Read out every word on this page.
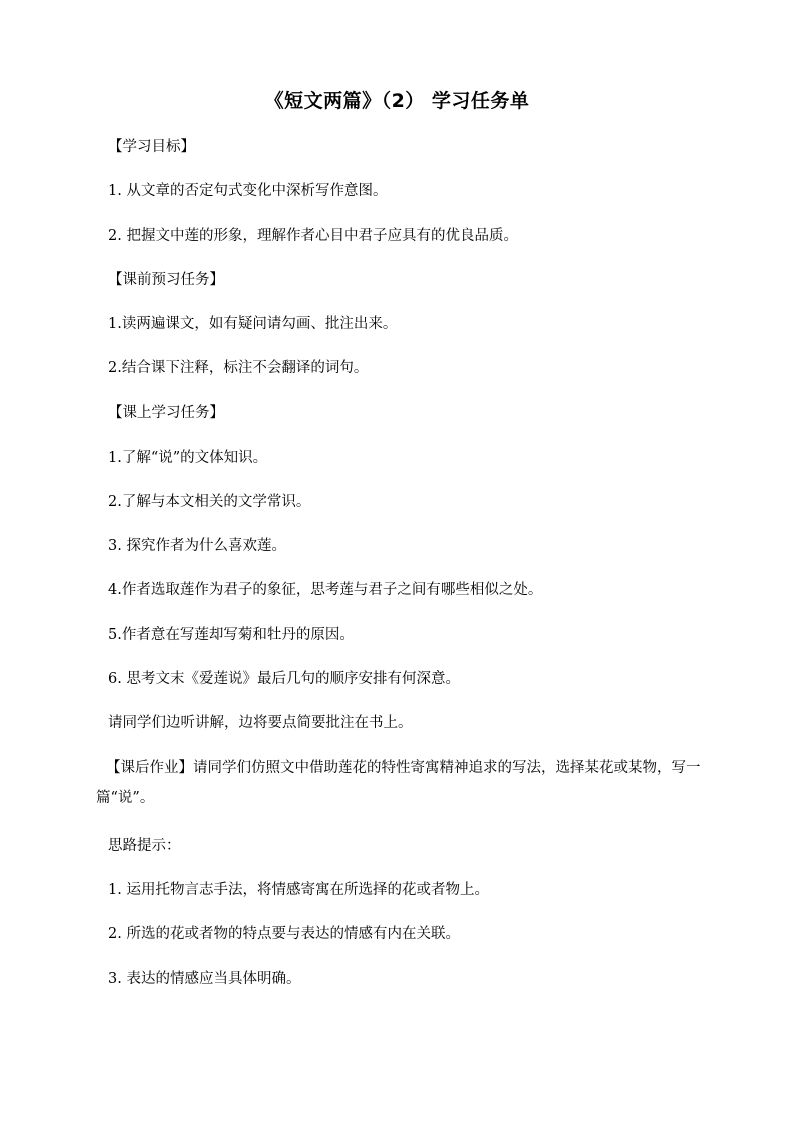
《短文两篇》（2） 学习任务单
【学习目标】
1. 从文章的否定句式变化中深析写作意图。
2. 把握文中莲的形象，理解作者心目中君子应具有的优良品质。
【课前预习任务】
1.读两遍课文，如有疑问请勾画、批注出来。
2.结合课下注释，标注不会翻译的词句。
【课上学习任务】
1.了解“说”的文体知识。
2.了解与本文相关的文学常识。
3. 探究作者为什么喜欢莲。
4.作者选取莲作为君子的象征，思考莲与君子之间有哪些相似之处。
5.作者意在写莲却写菊和牡丹的原因。
6. 思考文末《爱莲说》最后几句的顺序安排有何深意。
请同学们边听讲解，边将要点简要批注在书上。
【课后作业】请同学们仿照文中借助莲花的特性寄寓精神追求的写法，选择某花或某物，写一篇“说”。
思路提示：
1. 运用托物言志手法，将情感寄寓在所选择的花或者物上。
2. 所选的花或者物的特点要与表达的情感有内在关联。
3. 表达的情感应当具体明确。
